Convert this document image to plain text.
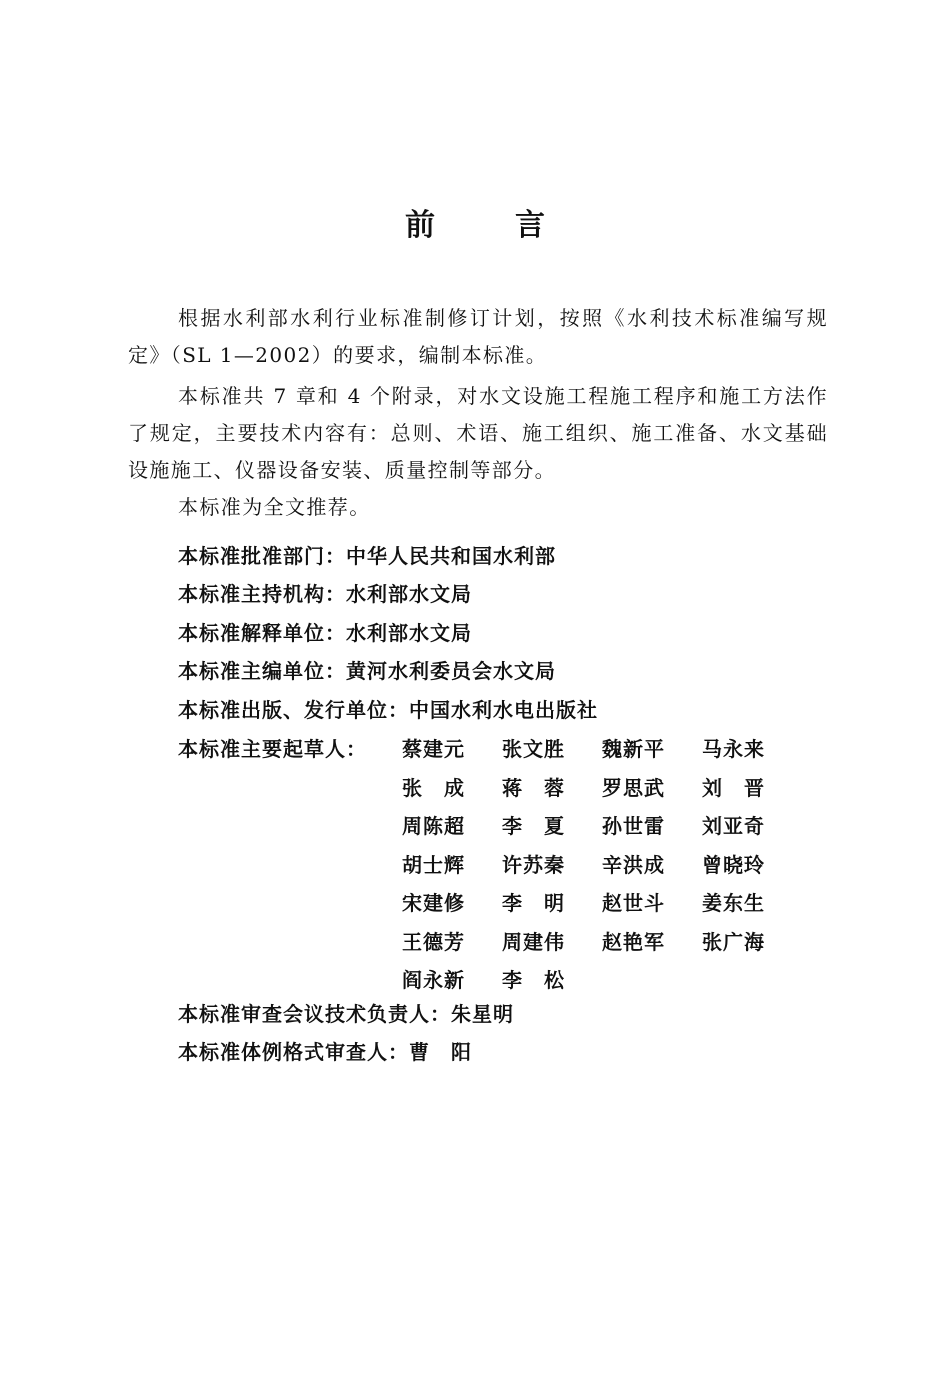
前	言
根据水利部水利行业标准制修订计划，按照《水利技术标准编写规定》（SL 1—2002）的要求，编制本标准。
本标准共 7 章和 4 个附录，对水文设施工程施工程序和施工方法作了规定，主要技术内容有：总则、术语、施工组织、施工准备、水文基础设施施工、仪器设备安装、质量控制等部分。
本标准为全文推荐。
本标准批准部门：中华人民共和国水利部
本标准主持机构：水利部水文局
本标准解释单位：水利部水文局
本标准主编单位：黄河水利委员会水文局
本标准出版、发行单位：中国水利水电出版社
本标准主要起草人： 蔡建元 张文胜 魏新平 马永来
张　成 蒋　蓉 罗思武 刘　晋
周陈超 李　夏 孙世雷 刘亚奇
胡士辉 许苏秦 辛洪成 曾晓玲
宋建修 李　明 赵世斗 姜东生
王德芳 周建伟 赵艳军 张广海
阎永新 李　松
本标准审查会议技术负责人：朱星明
本标准体例格式审查人：曹　阳
